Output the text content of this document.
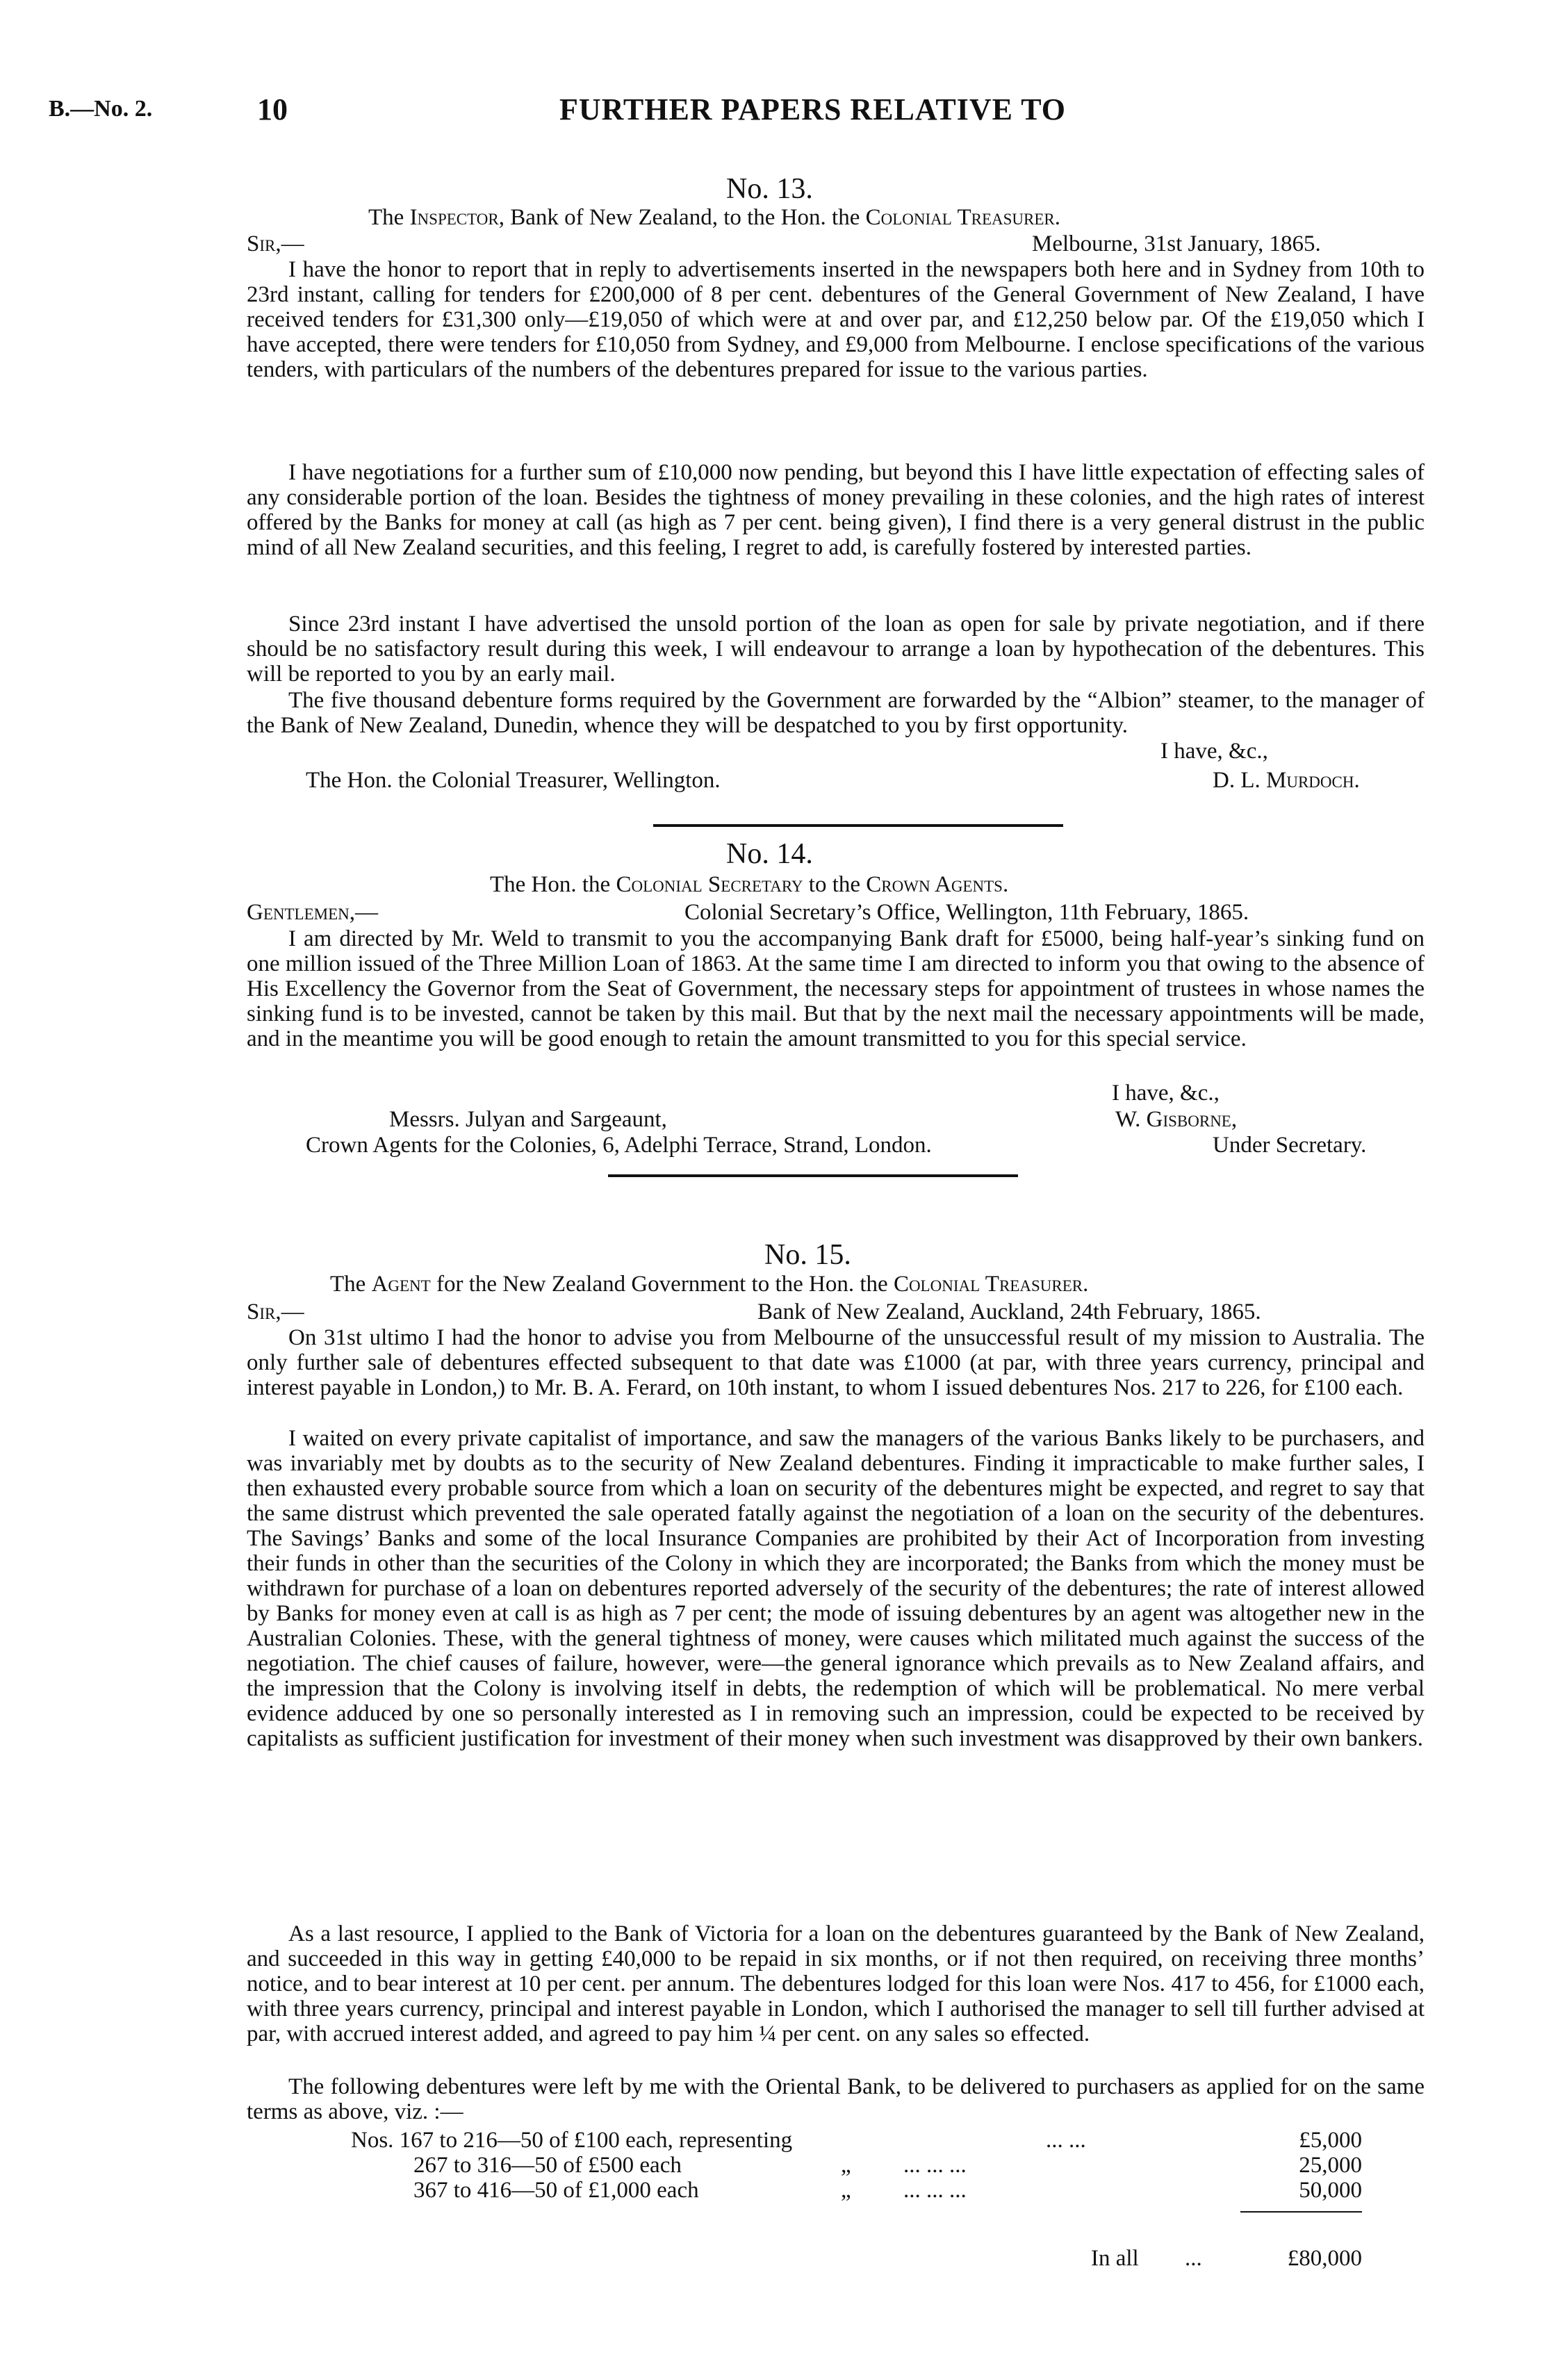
B.—No. 2.	10	FURTHER PAPERS RELATIVE TO
No. 13.
The Inspector, Bank of New Zealand, to the Hon. the Colonial Treasurer.
Sir,—	Melbourne, 31st January, 1865.
I have the honor to report that in reply to advertisements inserted in the newspapers both here and in Sydney from 10th to 23rd instant, calling for tenders for £200,000 of 8 per cent. debentures of the General Government of New Zealand, I have received tenders for £31,300 only—£19,050 of which were at and over par, and £12,250 below par. Of the £19,050 which I have accepted, there were tenders for £10,050 from Sydney, and £9,000 from Melbourne. I enclose specifications of the various tenders, with particulars of the numbers of the debentures prepared for issue to the various parties.
I have negotiations for a further sum of £10,000 now pending, but beyond this I have little expectation of effecting sales of any considerable portion of the loan. Besides the tightness of money prevailing in these colonies, and the high rates of interest offered by the Banks for money at call (as high as 7 per cent. being given), I find there is a very general distrust in the public mind of all New Zealand securities, and this feeling, I regret to add, is carefully fostered by interested parties.
Since 23rd instant I have advertised the unsold portion of the loan as open for sale by private negotiation, and if there should be no satisfactory result during this week, I will endeavour to arrange a loan by hypothecation of the debentures. This will be reported to you by an early mail.
The five thousand debenture forms required by the Government are forwarded by the “Albion” steamer, to the manager of the Bank of New Zealand, Dunedin, whence they will be despatched to you by first opportunity.
I have, &c.,
The Hon. the Colonial Treasurer, Wellington.	D. L. Murdoch.
No. 14.
The Hon. the Colonial Secretary to the Crown Agents.
Gentlemen,—	Colonial Secretary’s Office, Wellington, 11th February, 1865.
I am directed by Mr. Weld to transmit to you the accompanying Bank draft for £5000, being half-year’s sinking fund on one million issued of the Three Million Loan of 1863. At the same time I am directed to inform you that owing to the absence of His Excellency the Governor from the Seat of Government, the necessary steps for appointment of trustees in whose names the sinking fund is to be invested, cannot be taken by this mail. But that by the next mail the necessary appointments will be made, and in the meantime you will be good enough to retain the amount transmitted to you for this special service.
I have, &c.,
Messrs. Julyan and Sargeaunt,	W. Gisborne,
Crown Agents for the Colonies, 6, Adelphi Terrace, Strand, London.	Under Secretary.
No. 15.
The Agent for the New Zealand Government to the Hon. the Colonial Treasurer.
Sir,—	Bank of New Zealand, Auckland, 24th February, 1865.
On 31st ultimo I had the honor to advise you from Melbourne of the unsuccessful result of my mission to Australia. The only further sale of debentures effected subsequent to that date was £1000 (at par, with three years currency, principal and interest payable in London,) to Mr. B. A. Ferard, on 10th instant, to whom I issued debentures Nos. 217 to 226, for £100 each.
I waited on every private capitalist of importance, and saw the managers of the various Banks likely to be purchasers, and was invariably met by doubts as to the security of New Zealand debentures. Finding it impracticable to make further sales, I then exhausted every probable source from which a loan on security of the debentures might be expected, and regret to say that the same distrust which prevented the sale operated fatally against the negotiation of a loan on the security of the debentures. The Savings’ Banks and some of the local Insurance Companies are prohibited by their Act of Incorporation from investing their funds in other than the securities of the Colony in which they are incorporated; the Banks from which the money must be withdrawn for purchase of a loan on debentures reported adversely of the security of the debentures; the rate of interest allowed by Banks for money even at call is as high as 7 per cent; the mode of issuing debentures by an agent was altogether new in the Australian Colonies. These, with the general tightness of money, were causes which militated much against the success of the negotiation. The chief causes of failure, however, were—the general ignorance which prevails as to New Zealand affairs, and the impression that the Colony is involving itself in debts, the redemption of which will be problematical. No mere verbal evidence adduced by one so personally interested as I in removing such an impression, could be expected to be received by capitalists as sufficient justification for investment of their money when such investment was disapproved by their own bankers.
As a last resource, I applied to the Bank of Victoria for a loan on the debentures guaranteed by the Bank of New Zealand, and succeeded in this way in getting £40,000 to be repaid in six months, or if not then required, on receiving three months’ notice, and to bear interest at 10 per cent. per annum. The debentures lodged for this loan were Nos. 417 to 456, for £1000 each, with three years currency, principal and interest payable in London, which I authorised the manager to sell till further advised at par, with accrued interest added, and agreed to pay him ¼ per cent. on any sales so effected.
The following debentures were left by me with the Oriental Bank, to be delivered to purchasers as applied for on the same terms as above, viz. :—
Nos. 167 to 216—50 of £100 each, representing	... ...	£5,000
267 to 316—50 of £500 each	„ ... ... ...	25,000
367 to 416—50 of £1,000 each	„ ... ... ...	50,000
In all ...	£80,000
